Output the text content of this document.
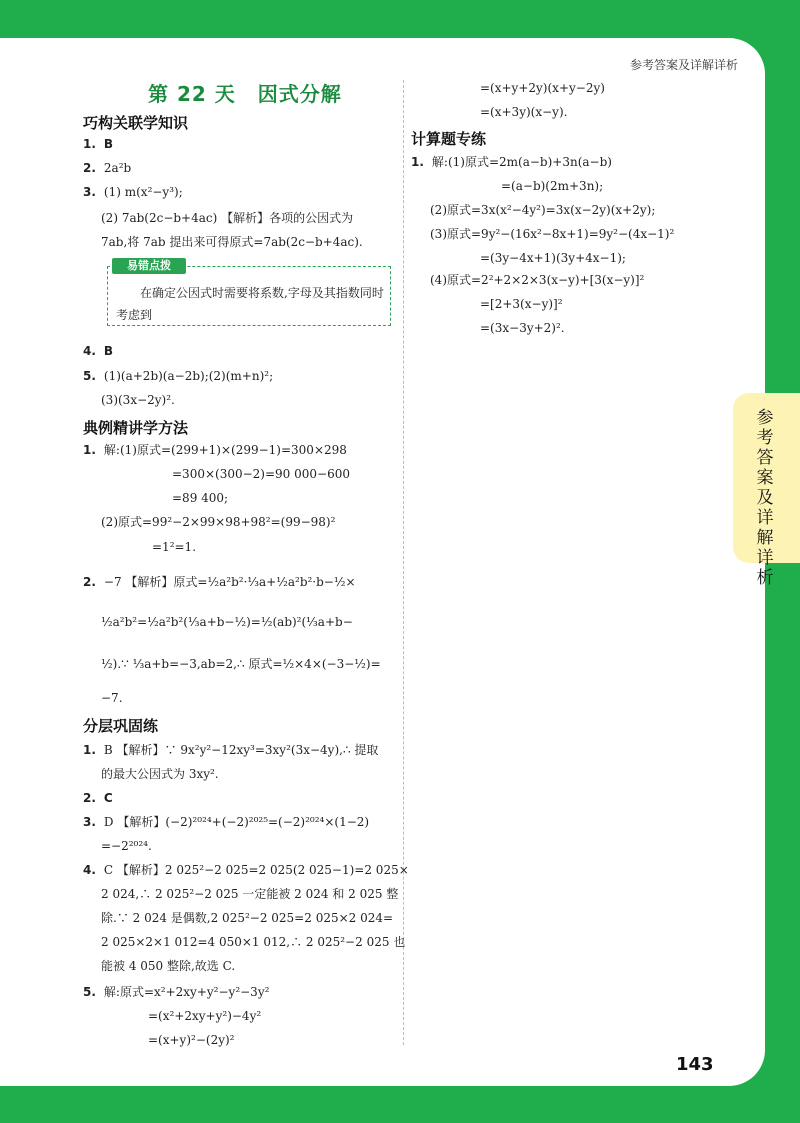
参考答案及详解详析
参考答案及详解详析
143
第 22 天 因式分解
巧构关联学知识
典例精讲学方法
分层巩固练
计算题专练
易错点拨
在确定公因式时需要将系数,字母及其指数同时考虑到
1. B
2. 2a²b
3. (1) m(x²−y³);
(2) 7ab(2c−b+4ac) 【解析】各项的公因式为
7ab,将 7ab 提出来可得原式=7ab(2c−b+4ac).
4. B
5. (1)(a+2b)(a−2b);(2)(m+n)²;
(3)(3x−2y)².
1. 解:(1)原式=(299+1)×(299−1)=300×298
=300×(300−2)=90 000−600
=89 400;
(2)原式=99²−2×99×98+98²=(99−98)²
=1²=1.
2. −7 【解析】原式=½a²b²·⅓a+½a²b²·b−½×
½a²b²=½a²b²(⅓a+b−½)=½(ab)²(⅓a+b−
½).∵ ⅓a+b=−3,ab=2,∴ 原式=½×4×(−3−½)=
−7.
1. B 【解析】∵ 9x²y²−12xy³=3xy²(3x−4y),∴ 提取
的最大公因式为 3xy².
2. C
3. D 【解析】(−2)²⁰²⁴+(−2)²⁰²⁵=(−2)²⁰²⁴×(1−2)
=−2²⁰²⁴.
4. C 【解析】2 025²−2 025=2 025(2 025−1)=2 025×
2 024,∴ 2 025²−2 025 一定能被 2 024 和 2 025 整
除.∵ 2 024 是偶数,2 025²−2 025=2 025×2 024=
2 025×2×1 012=4 050×1 012,∴ 2 025²−2 025 也
能被 4 050 整除,故选 C.
5. 解:原式=x²+2xy+y²−y²−3y²
=(x²+2xy+y²)−4y²
=(x+y)²−(2y)²
=(x+y+2y)(x+y−2y)
=(x+3y)(x−y).
1. 解:(1)原式=2m(a−b)+3n(a−b)
=(a−b)(2m+3n);
(2)原式=3x(x²−4y²)=3x(x−2y)(x+2y);
(3)原式=9y²−(16x²−8x+1)=9y²−(4x−1)²
=(3y−4x+1)(3y+4x−1);
(4)原式=2²+2×2×3(x−y)+[3(x−y)]²
=[2+3(x−y)]²
=(3x−3y+2)².
